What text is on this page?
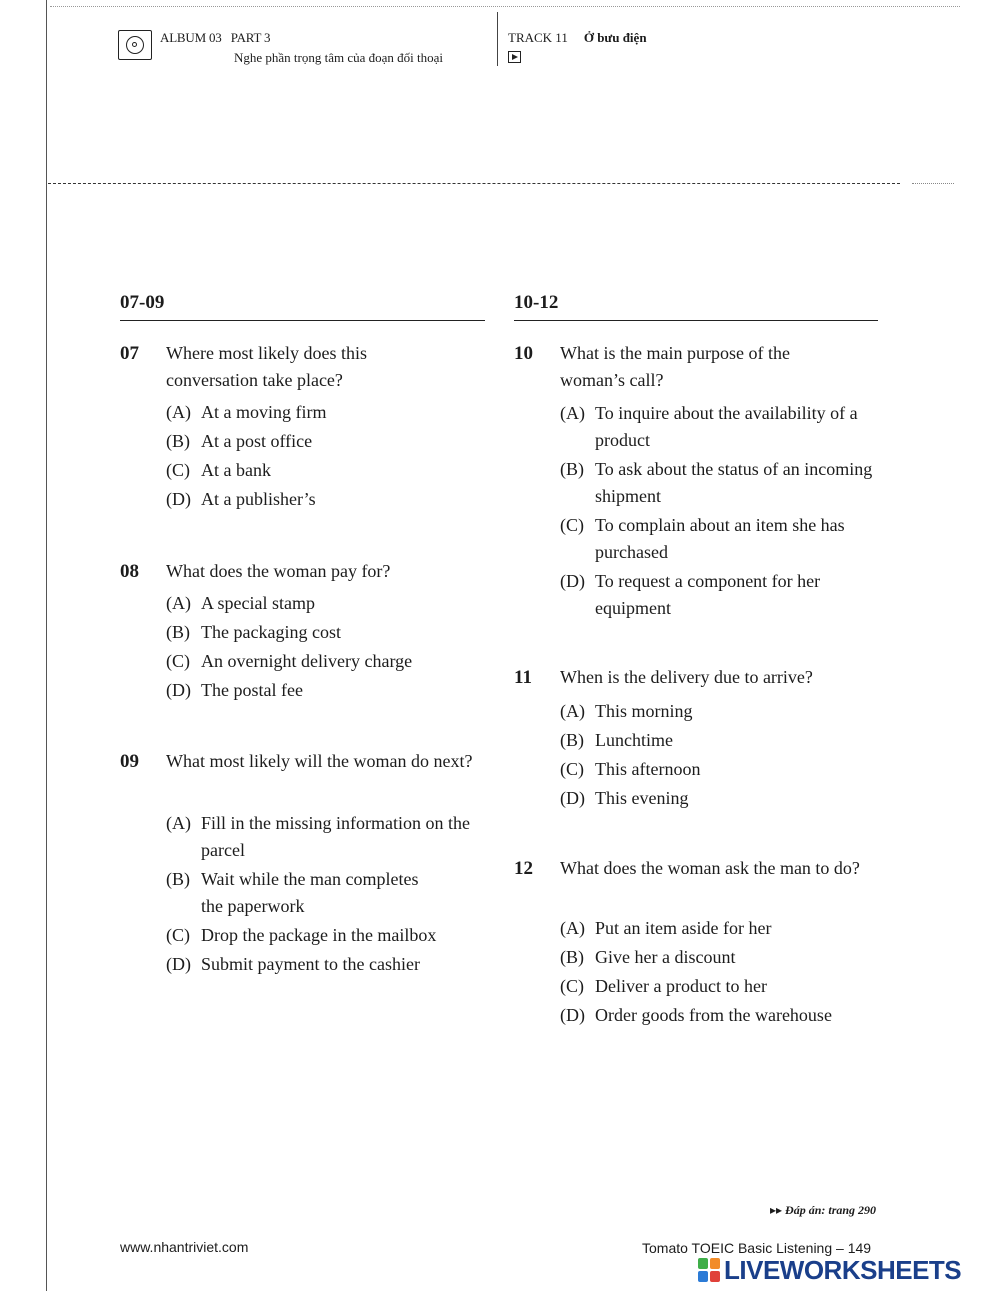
ALBUM 03 PART 3
Nghe phần trọng tâm của đoạn đối thoại
TRACK 11 Ở bưu điện
07-09	10-12
07 Where most likely does this conversation take place?
(A) At a moving firm
(B) At a post office
(C) At a bank
(D) At a publisher’s
08 What does the woman pay for?
(A) A special stamp
(B) The packaging cost
(C) An overnight delivery charge
(D) The postal fee
09 What most likely will the woman do next?
(A) Fill in the missing information on the parcel
(B) Wait while the man completes the paperwork
(C) Drop the package in the mailbox
(D) Submit payment to the cashier
10 What is the main purpose of the woman’s call?
(A) To inquire about the availability of a product
(B) To ask about the status of an incoming shipment
(C) To complain about an item she has purchased
(D) To request a component for her equipment
11 When is the delivery due to arrive?
(A) This morning
(B) Lunchtime
(C) This afternoon
(D) This evening
12 What does the woman ask the man to do?
(A) Put an item aside for her
(B) Give her a discount
(C) Deliver a product to her
(D) Order goods from the warehouse
▸▸ Đáp án: trang 290
www.nhantriviet.com	Tomato TOEIC Basic Listening – 149
LIVEWORKSHEETS
